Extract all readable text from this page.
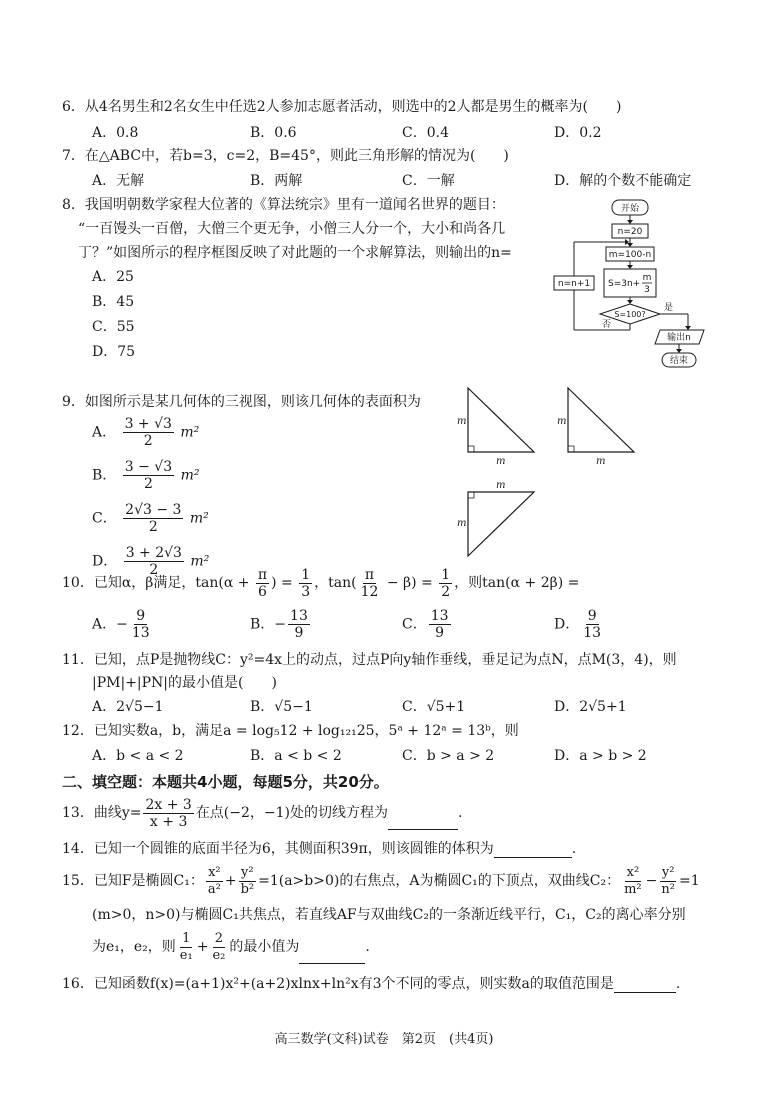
6．从4名男生和2名女生中任选2人参加志愿者活动，则选中的2人都是男生的概率为(　　)
A．0.8	B．0.6	C．0.4	D．0.2
7．在△ABC中，若b=3，c=2，B=45°，则此三角形解的情况为(　　)
A．无解	B．两解	C．一解	D．解的个数不能确定
8．我国明朝数学家程大位著的《算法统宗》里有一道闻名世界的题目：
“一百馒头一百僧，大僧三个更无争，小僧三人分一个，大小和尚各几
丁？”如图所示的程序框图反映了对此题的一个求解算法，则输出的n=
A．25
B．45
C．55
D．75
开始
n=20
m=100-n
S=3n+
m
3
S=100?
是
输出n
结束
否
n=n+1
9．如图所示是某几何体的三视图，则该几何体的表面积为
A． $\frac{3 + √3}{2} m^2$
B． $\frac{3 - √3}{2} m^2$
C． $\frac{2√3 - 3}{2} m^2$
D． $\frac{3 + 2√3}{2} m^2$
m
m
m
m
m
m
10．已知α，β满足，$\tan(\alpha + \frac{\pi}{6}$ ) = $\frac{1}{3}$ ，$\tan( \frac{\pi}{12} - \beta) = \frac{1}{2}$ ，则tan(α + 2β) =
A．− $\frac{9}{13}$	B．− $\frac{13}{9}$	C． $\frac{13}{9}$	D． $\frac{9}{13}$
11．已知，点P是抛物线C：y²=4x上的动点，过点P向y轴作垂线，垂足记为点N，点M(3，4)，则
|PM|+|PN|的最小值是(　　)
A．2√5−1	B．√5−1	C．√5+1	D．2√5+1
12．已知实数a，b，满足a = log₅12 + log₁₂₁25，5ᵃ + 12ᵃ = 13ᵇ，则
A．b < a < 2	B．a < b < 2	C．b > a > 2	D．a > b > 2
二、填空题：本题共4小题，每题5分，共20分。
13．曲线$y= \frac{2x + 3}{x + 3}$ 在点(−2，−1)处的切线方程为	.
14．已知一个圆锥的底面半径为6，其侧面积39π，则该圆锥的体积为	.
15．已知F是椭圆C₁： $\frac{\text{x²}}{\text{a²}} + \frac{\text{y²}}{\text{b²}} =1(a>b>0)$的右焦点，A为椭圆C₁的下顶点，双曲线C₂： $\frac{\text{x²}}{\text{m²}} - \frac{\text{y²}}{\text{n²}} =1$
(m>0，n>0)与椭圆C₁共焦点，若直线AF与双曲线C₂的一条渐近线平行，C₁，C₂的离心率分别
为e₁，e₂，则 $\frac{1}{\text{e₁}} + \frac{2}{\text{e₂}}$ 的最小值为	.
16．已知函数f(x)=(a+1)x²+(a+2)xlnx+ln²x有3个不同的零点，则实数a的取值范围是	.
高三数学(文科)试卷　第2页　(共4页)
